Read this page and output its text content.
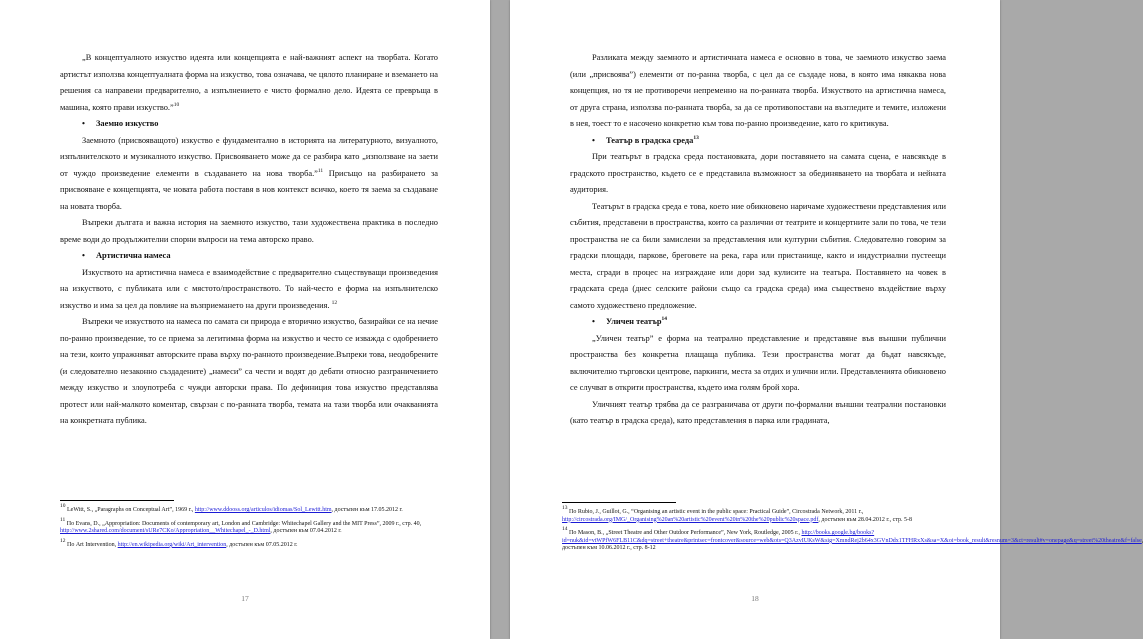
„В концептуалното изкуство идеята или концепцията е най-важният аспект на творбата. Когато артистът използва концептуалната форма на изкуство, това означава, че цялото планиране и вземането на решения са направени предварително, а изпълнението е чисто формално дело. Идеята се превръща в машина, която прави изкуство.”$^{10}$

• Заемно изкуство

Заемното (присвояващото) изкуство е фундаментално в историята на литературното, визуалното, изпълнителското и музикалното изкуство. Присвояването може да се разбира като „използване на заети от чуждо произведение елементи в създаването на нова творба.”$^{11}$ Присъщо на разбирането за присвояване е концепцията, че новата работа поставя в нов контекст всичко, което тя заема за създаване на новата творба.

Въпреки дългата и важна история на заемното изкуство, тази художествена практика в последно време води до продължителни спорни въпроси на тема авторско право.

• Артистична намеса

Изкуството на артистична намеса е взаимодействие с предварително съществуващи произведения на изкуството, с публиката или с мястото/пространството. То най-често е форма на изпълнителско изкуство и има за цел да повлияе на възприемането на други произведения. $^{12}$

Въпреки че изкуството на намеса по самата си природа е вторично изкуство, базирайки се на нечие по-ранно произведение, то се приема за легитимна форма на изкуство и често се изважда с одобрението на тези, които упражняват авторските права върху по-ранното произведение.Въпреки това, неодобрените (и следователно незаконно създадените) „намеси” са чести и водят до дебати относно разграничението между изкуство и злоупотреба с чужди авторски права. По дефиниция това изкуство представлява протест или най-малкото коментар, свързан с по-ранната творба, темата на тази творба или очакванията на конкретната публика.

$^{10}$ LeWitt, S., „Paragraphs on Conceptual Art”, 1969 г., http://www.ddooss.org/articulos/idiomas/Sol_Lewitt.htm, достъпен към 17.05.2012 г.
$^{11}$ По Evans, D., „Appropriation: Documents of contemporary art, London and Cambridge: Whitechapel Gallery and the MIT Press”, 2009 г., стр. 40, http://www.2shared.com/document/sURe7CKo/Appropriation__Whitechapel_-_D.html, достъпен към 07.04.2012 г.
$^{12}$ По Art Intervention, http://en.wikipedia.org/wiki/Art_intervention, достъпен към 07.05.2012 г.
17

Разликата между заемното и артистичната намеса е основно в това, че заемното изкуство заема (или „присвоява”) елементи от по-ранна творба, с цел да се създаде нова, в която има някаква нова концепция, но тя не противоречи непременно на по-ранната творба. Изкуството на артистична намеса, от друга страна, използва по-ранната творба, за да се противопостави на възгледите и темите, изложени в нея, тоест то е насочено конкретно към това по-ранно произведение, като го критикува.

• Театър в градска среда$^{13}$

При театърът в градска среда постановката, дори поставянето на самата сцена, е навсякъде в градското пространство, където се е представила възможност за обединяването на творбата и нейната аудитория.

Театърът в градска среда е това, което ние обикновено наричаме художествени представления или събития, представени в пространства, които са различни от театрите и концертните зали по това, че тези пространства не са били замислени за представления или културни събития. Следователно говорим за градски площади, паркове, бреговете на река, гара или пристанище, както и индустриални пустеещи места, сгради в процес на изграждане или дори зад кулисите на театъра. Поставянето на човек в градската среда (днес селските райони също са градска среда) има съществено въздействие върху самото художествено предложение.

• Уличен театър$^{14}$

„Уличен театър” е форма на театрално представление и представяне във външни публични пространства без конкретна плащаща публика. Тези пространства могат да бъдат навсякъде, включително търговски центрове, паркинги, места за отдих и улични игли. Представленията обикновено се случват в открити пространства, където има голям брой хора.

Уличният театър трябва да се разграничава от други по-формални външни театрални постановки (като театър в градска среда), като представления в парка или градината,

$^{13}$ По Rubio, J., Guillot, G., “Organising an artistic event in the public space: Practical Guide”, Circostrada Network, 2011 г., http://circostrada.org/IMG/_Organising%20an%20artistic%20event%20in%20the%20public%20space.pdf, достъпен към 28.04.2012 г., стр. 5-8
$^{14}$ По Mason, B., „Street Theatre and Other Outdoor Performance”, New York, Routledge, 2005 г., http://books.google.bg/books?id=nuk&id=vtWPfW6FLB11C&dq=street+theatre&printsec=frontcover&source=web&ots=Q3AzvIUKsW&sig=XmndRej2b64x3GVnDdx1TFHRxXs&sa=X&oi=book_result&resnum=3&ct=result#v=onepage&q=street%20theatre&f=false достъпен към 10.06.2012 г., стр. 8-12
18
